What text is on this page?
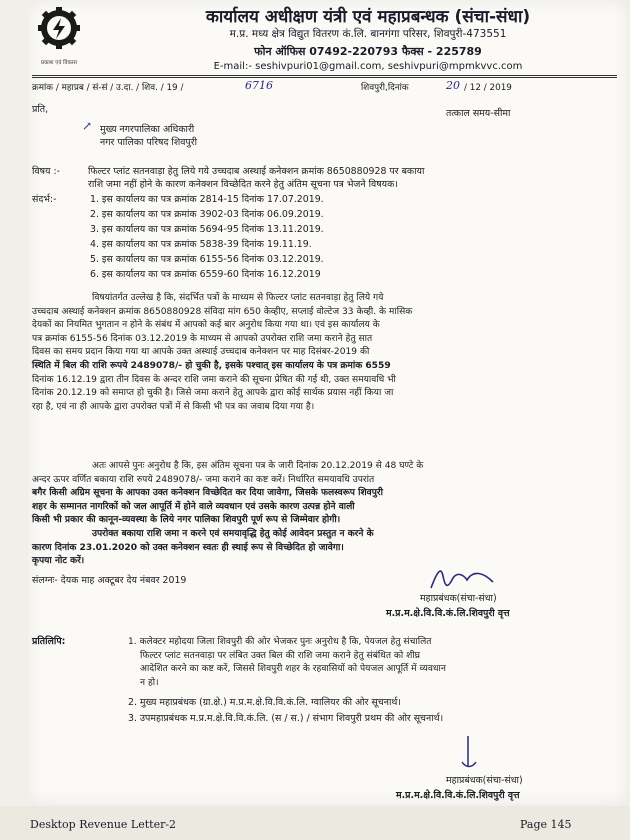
प्रकाश एवं विकास
कार्यालय अधीक्षण यंत्री एवं महाप्रबन्धक (संचा-संधा)
म.प्र. मध्य क्षेत्र विद्युत वितरण कं.लि. बानगंगा परिसर, शिवपुरी-473551
फोन ऑफिस 07492-220793 फैक्स - 225789
E-mail:- seshivpuri01@gmail.com, seshivpuri@mpmkvvc.com
क्रमांक / महाप्रब / सं-सं / उ.दा. / शिव. / 19 /	6716	शिवपुरी,दिनांक	20 / 12 / 2019
प्रति,	तत्काल समय-सीमा
↗ मुख्य नगरपालिका अधिकारी
नगर पालिका परिषद शिवपुरी
विषय :-	फिल्टर प्लांट सतनवाड़ा हेतु लिये गये उच्चदाब अस्थाई कनेक्शन क्रमांक 8650880928 पर बकाया
राशि जमा नहीं होने के कारण कनेक्शन विच्छेदित करने हेतु अंतिम सूचना पत्र भेजने विषयक।
संदर्भ:-	1. इस कार्यालय का पत्र क्रमांक 2814-15 दिनांक 17.07.2019.
2. इस कार्यालय का पत्र क्रमांक 3902-03 दिनांक 06.09.2019.
3. इस कार्यालय का पत्र क्रमांक 5694-95 दिनांक 13.11.2019.
4. इस कार्यालय का पत्र क्रमांक 5838-39 दिनांक 19.11.19.
5. इस कार्यालय का पत्र क्रमांक 6155-56 दिनांक 03.12.2019.
6. इस कार्यालय का पत्र क्रमांक 6559-60 दिनांक 16.12.2019

विषयांतर्गत उल्लेख है कि, संदर्भित पत्रों के माध्यम से फिल्टर प्लांट सतनवाड़ा हेतु लिये गये

उच्चदाब अस्थाई कनेक्शन क्रमांक 8650880928 संविदा मांग 650 केव्हीए, सप्लाई वोल्टेज 33 केव्ही. के मासिक

देयकों का नियमित भुगतान न होने के संबंध में आपको कई बार अनुरोध किया गया था। एवं इस कार्यालय के

पत्र क्रमांक 6155-56 दिनांक 03.12.2019 के माध्यम से आपको उपरोक्त राशि जमा कराने हेतु सात

दिवस का समय प्रदान किया गया था आपके उक्त अस्थाई उच्चदाब कनेक्शन पर माह दिसंबर-2019 की

स्थिति में बिल की राशि रूपये 2489078/- हो चुकी है, इसके पश्चात् इस कार्यालय के पत्र क्रमांक 6559

दिनांक 16.12.19 द्वारा तीन दिवस के अन्दर राशि जमा कराने की सूचना प्रेषित की गई थी, उक्त समयावधि भी

दिनांक 20.12.19 को समाप्त हो चुकी है। जिसे जमा कराने हेतु आपके द्वारा कोई सार्थक प्रयास नहीं किया जा

रहा है, एवं ना ही आपके द्वारा उपरोक्त पत्रों में से किसी भी पत्र का जवाब दिया गया है।

अतः आपसे पुनः अनुरोध है कि, इस अंतिम सूचना पत्र के जारी दिनांक 20.12.2019 से 48 घण्टे के

अन्दर ऊपर वर्णित बकाया राशि रुपये 2489078/- जमा कराने का कष्ट करें। निर्धारित समयावधि उपरांत

बगैर किसी अग्रिम सूचना के आपका उक्त कनेक्शन विच्छेदित कर दिया जावेगा, जिसके फलस्वरूप शिवपुरी

शहर के सम्मानत नागरिकों को जल आपूर्ति में होने वाले व्यवधान एवं उसके कारण उत्पन्न होने वाली

किसी भी प्रकार की कानून-व्यवस्था के लिये नगर पालिका शिवपुरी पूर्ण रूप से जिम्मेवार होगी।

उपरोक्त बकाया राशि जमा न करने एवं समयावृद्धि हेतु कोई आवेदन प्रस्तुत न करने के

कारण दिनांक 23.01.2020 को उक्त कनेक्शन स्वतः ही स्थाई रूप से विच्छेदित हो जावेगा।

कृपया नोट करें।

संलग्नः- देयक माह अक्टूबर देय नंबवर 2019
महाप्रबंधक(संचा-संधा)
म.प्र.म.क्षे.वि.वि.कं.लि.शिवपुरी वृत्त
प्रतिलिपि:	1. कलेक्टर महोदया जिला शिवपुरी की ओर भेजकर पुनः अनुरोध है कि, पेयजल हेतु संचालित

फिल्टर प्लांट सतनवाड़ा पर लंबित उक्त बिल की राशि जमा कराने हेतु संबंधित को शीघ्र

आदेशित करने का कष्ट करें, जिससे शिवपुरी शहर के रहवासियों को पेयजल आपूर्ति में व्यवधान

न हो।

2. मुख्य महाप्रबंधक (ग्रा.क्षे.) म.प्र.म.क्षे.वि.वि.कं.लि. ग्वालियर की ओर सूचनार्थ।
3. उपमहाप्रबंधक म.प्र.म.क्षे.वि.वि.कं.लि. (स / स.) / संभाग शिवपुरी प्रथम की ओर सूचनार्थ।
महाप्रबंधक(संचा-संधा)
म.प्र.म.क्षे.वि.वि.कं.लि.शिवपुरी वृत्त
Desktop Revenue Letter-2	Page 145
